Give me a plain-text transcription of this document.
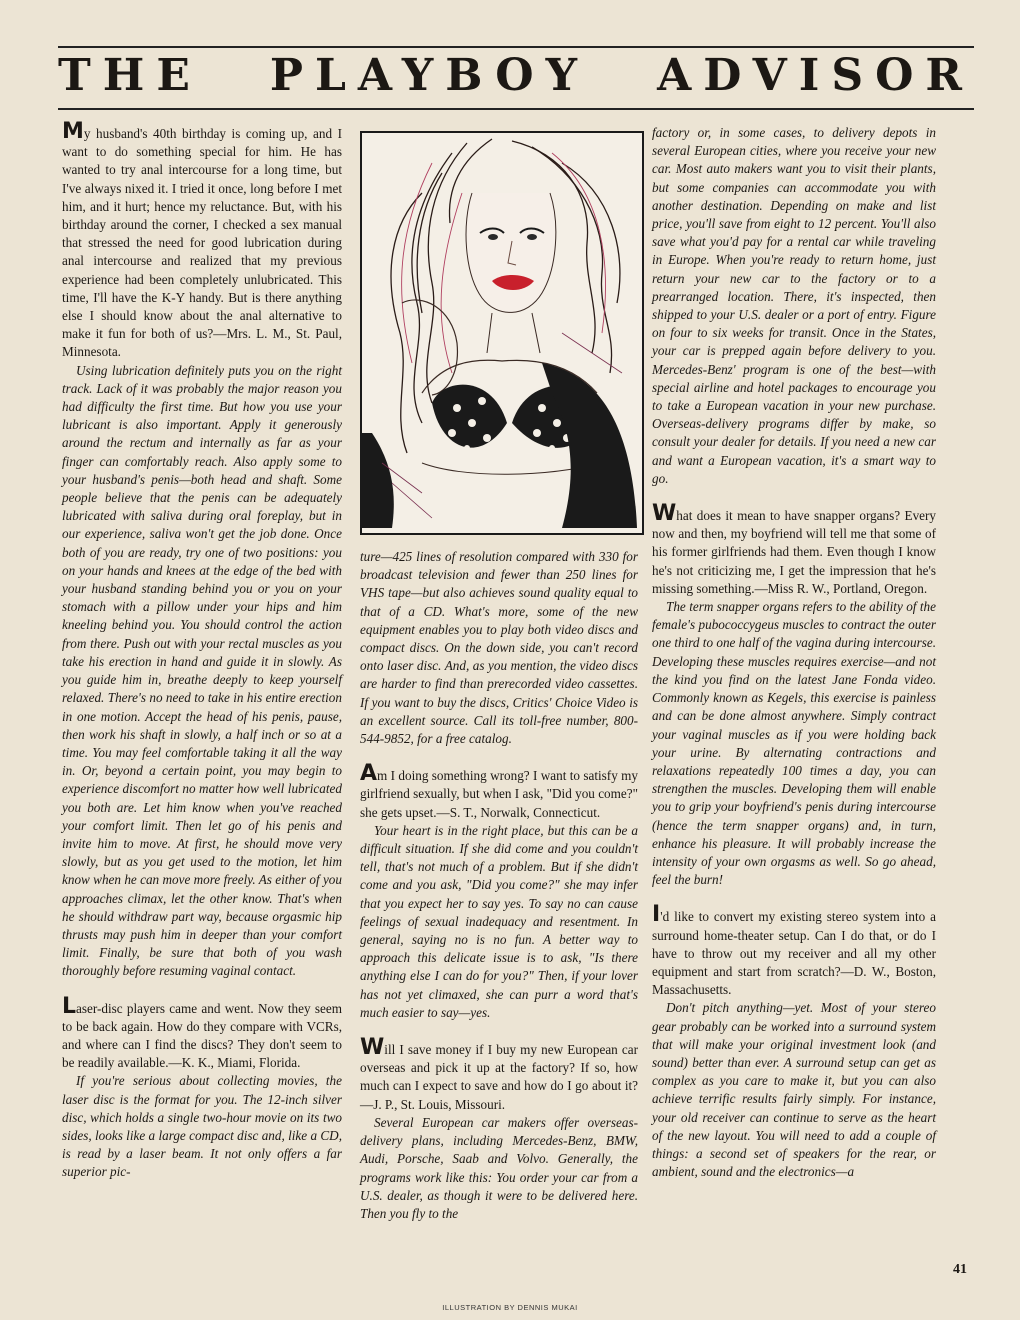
THE PLAYBOY ADVISOR

My husband's 40th birthday is coming up, and I want to do something special for him. He has wanted to try anal intercourse for a long time, but I've always nixed it. I tried it once, long before I met him, and it hurt; hence my reluctance. But, with his birthday around the corner, I checked a sex manual that stressed the need for good lubrication during anal intercourse and realized that my previous experience had been completely unlubricated. This time, I'll have the K-Y handy. But is there anything else I should know about the anal alternative to make it fun for both of us?—Mrs. L. M., St. Paul, Minnesota.

Using lubrication definitely puts you on the right track. Lack of it was probably the major reason you had difficulty the first time. But how you use your lubricant is also important. Apply it generously around the rectum and internally as far as your finger can comfortably reach. Also apply some to your husband's penis—both head and shaft. Some people believe that the penis can be adequately lubricated with saliva during oral foreplay, but in our experience, saliva won't get the job done. Once both of you are ready, try one of two positions: you on your hands and knees at the edge of the bed with your husband standing behind you or you on your stomach with a pillow under your hips and him kneeling behind you. You should control the action from there. Push out with your rectal muscles as you take his erection in hand and guide it in slowly. As you guide him in, breathe deeply to keep yourself relaxed. There's no need to take in his entire erection in one motion. Accept the head of his penis, pause, then work his shaft in slowly, a half inch or so at a time. You may feel comfortable taking it all the way in. Or, beyond a certain point, you may begin to experience discomfort no matter how well lubricated you both are. Let him know when you've reached your comfort limit. Then let go of his penis and invite him to move. At first, he should move very slowly, but as you get used to the motion, let him know when he can move more freely. As either of you approaches climax, let the other know. That's when he should withdraw part way, because orgasmic hip thrusts may push him in deeper than your comfort limit. Finally, be sure that both of you wash thoroughly before resuming vaginal contact.

Laser-disc players came and went. Now they seem to be back again. How do they compare with VCRs, and where can I find the discs? They don't seem to be readily available.—K. K., Miami, Florida.

If you're serious about collecting movies, the laser disc is the format for you. The 12-inch silver disc, which holds a single two-hour movie on its two sides, looks like a large compact disc and, like a CD, is read by a laser beam. It not only offers a far superior pic-

ture—425 lines of resolution compared with 330 for broadcast television and fewer than 250 lines for VHS tape—but also achieves sound quality equal to that of a CD. What's more, some of the new equipment enables you to play both video discs and compact discs. On the down side, you can't record onto laser disc. And, as you mention, the video discs are harder to find than prerecorded video cassettes. If you want to buy the discs, Critics' Choice Video is an excellent source. Call its toll-free number, 800-544-9852, for a free catalog.

Am I doing something wrong? I want to satisfy my girlfriend sexually, but when I ask, "Did you come?" she gets upset.—S. T., Norwalk, Connecticut.

Your heart is in the right place, but this can be a difficult situation. If she did come and you couldn't tell, that's not much of a problem. But if she didn't come and you ask, "Did you come?" she may infer that you expect her to say yes. To say no can cause feelings of sexual inadequacy and resentment. In general, saying no is no fun. A better way to approach this delicate issue is to ask, "Is there anything else I can do for you?" Then, if your lover has not yet climaxed, she can purr a word that's much easier to say—yes.

Will I save money if I buy my new European car overseas and pick it up at the factory? If so, how much can I expect to save and how do I go about it?—J. P., St. Louis, Missouri.

Several European car makers offer overseas-delivery plans, including Mercedes-Benz, BMW, Audi, Porsche, Saab and Volvo. Generally, the programs work like this: You order your car from a U.S. dealer, as though it were to be delivered here. Then you fly to the

factory or, in some cases, to delivery depots in several European cities, where you receive your new car. Most auto makers want you to visit their plants, but some companies can accommodate you with another destination. Depending on make and list price, you'll save from eight to 12 percent. You'll also save what you'd pay for a rental car while traveling in Europe. When you're ready to return home, just return your new car to the factory or to a prearranged location. There, it's inspected, then shipped to your U.S. dealer or a port of entry. Figure on four to six weeks for transit. Once in the States, your car is prepped again before delivery to you. Mercedes-Benz' program is one of the best—with special airline and hotel packages to encourage you to take a European vacation in your new purchase. Overseas-delivery programs differ by make, so consult your dealer for details. If you need a new car and want a European vacation, it's a smart way to go.

What does it mean to have snapper organs? Every now and then, my boyfriend will tell me that some of his former girlfriends had them. Even though I know he's not criticizing me, I get the impression that he's missing something.—Miss R. W., Portland, Oregon.

The term snapper organs refers to the ability of the female's pubococcygeus muscles to contract the outer one third to one half of the vagina during intercourse. Developing these muscles requires exercise—and not the kind you find on the latest Jane Fonda video. Commonly known as Kegels, this exercise is painless and can be done almost anywhere. Simply contract your vaginal muscles as if you were holding back your urine. By alternating contractions and relaxations repeatedly 100 times a day, you can strengthen the muscles. Developing them will enable you to grip your boyfriend's penis during intercourse (hence the term snapper organs) and, in turn, enhance his pleasure. It will probably increase the intensity of your own orgasms as well. So go ahead, feel the burn!

I'd like to convert my existing stereo system into a surround home-theater setup. Can I do that, or do I have to throw out my receiver and all my other equipment and start from scratch?—D. W., Boston, Massachusetts.

Don't pitch anything—yet. Most of your stereo gear probably can be worked into a surround system that will make your original investment look (and sound) better than ever. A surround setup can get as complex as you care to make it, but you can also achieve terrific results fairly simply. For instance, your old receiver can continue to serve as the heart of the new layout. You will need to add a couple of things: a second set of speakers for the rear, or ambient, sound and the electronics—a

41
ILLUSTRATION BY DENNIS MUKAI
